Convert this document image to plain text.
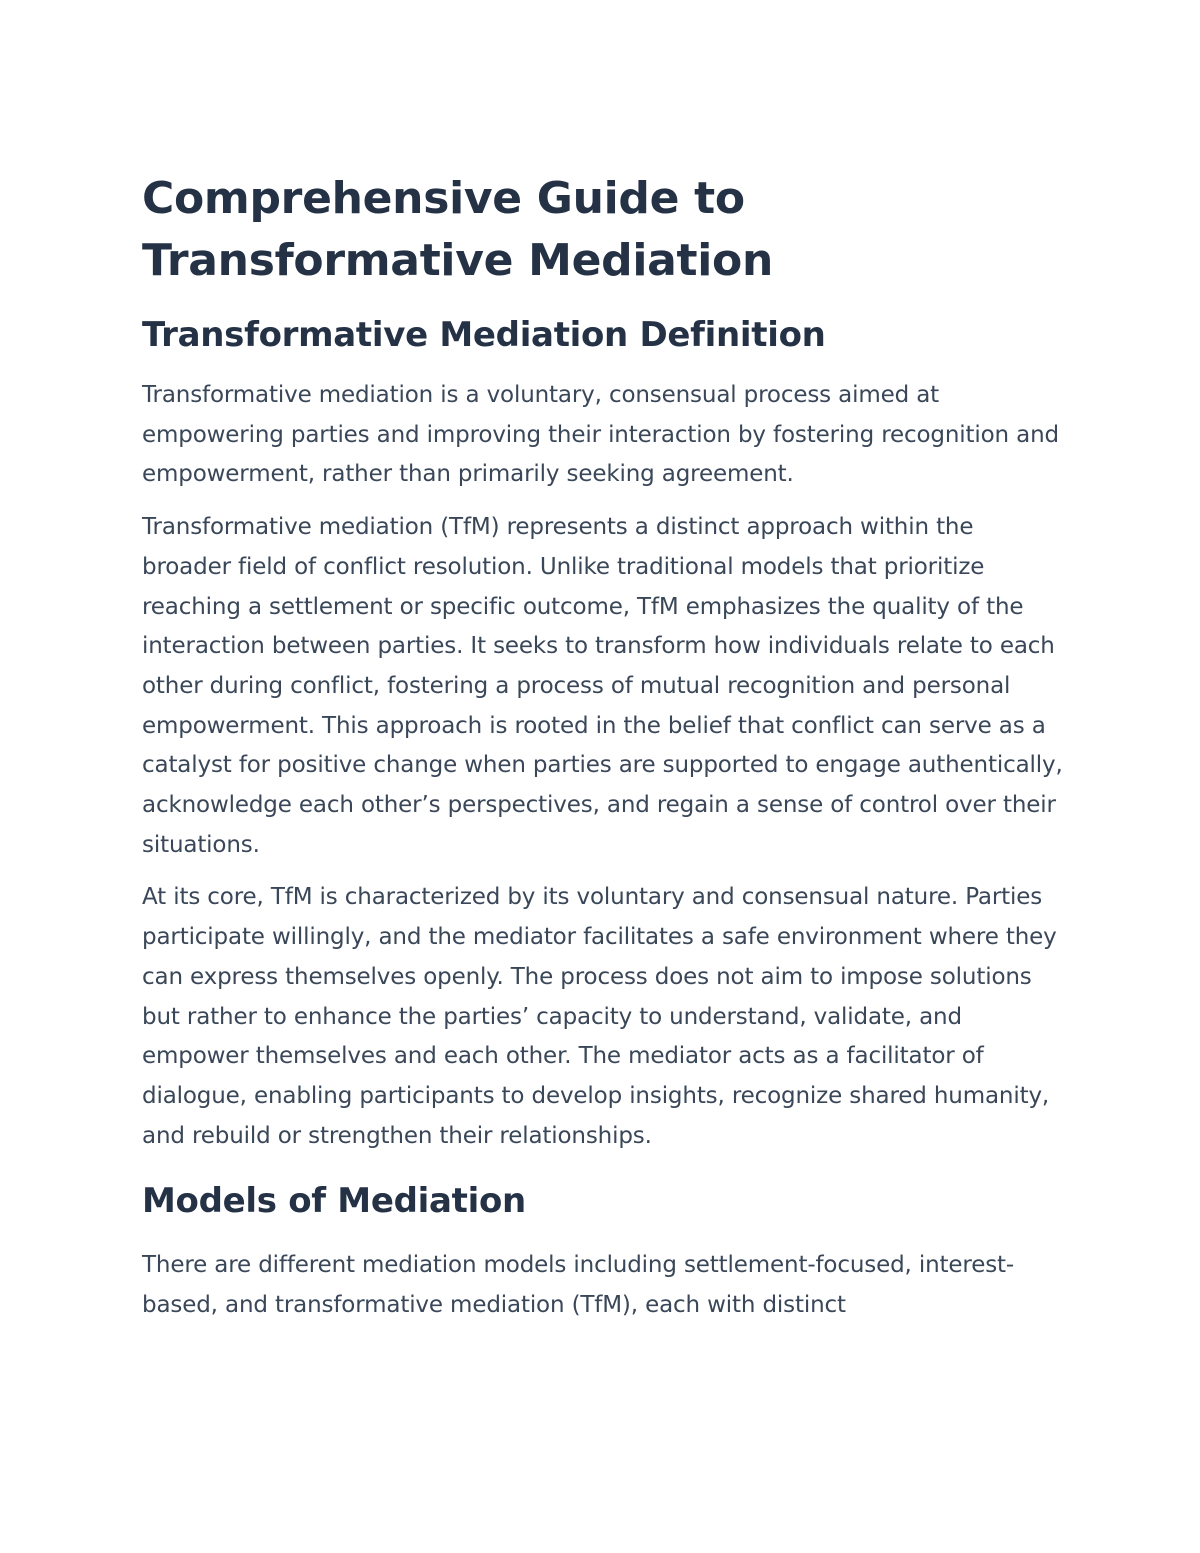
Comprehensive Guide to Transformative Mediation
Transformative Mediation Definition

Transformative mediation is a voluntary, consensual process aimed at empowering parties and improving their interaction by fostering recognition and empowerment, rather than primarily seeking agreement.

Transformative mediation (TfM) represents a distinct approach within the broader field of conflict resolution. Unlike traditional models that prioritize reaching a settlement or specific outcome, TfM emphasizes the quality of the interaction between parties. It seeks to transform how individuals relate to each other during conflict, fostering a process of mutual recognition and personal empowerment. This approach is rooted in the belief that conflict can serve as a catalyst for positive change when parties are supported to engage authentically, acknowledge each other’s perspectives, and regain a sense of control over their situations.

At its core, TfM is characterized by its voluntary and consensual nature. Parties participate willingly, and the mediator facilitates a safe environment where they can express themselves openly. The process does not aim to impose solutions but rather to enhance the parties’ capacity to understand, validate, and empower themselves and each other. The mediator acts as a facilitator of dialogue, enabling participants to develop insights, recognize shared humanity, and rebuild or strengthen their relationships.

Models of Mediation

There are different mediation models including settlement-focused, interest-based, and transformative mediation (TfM), each with distinct
